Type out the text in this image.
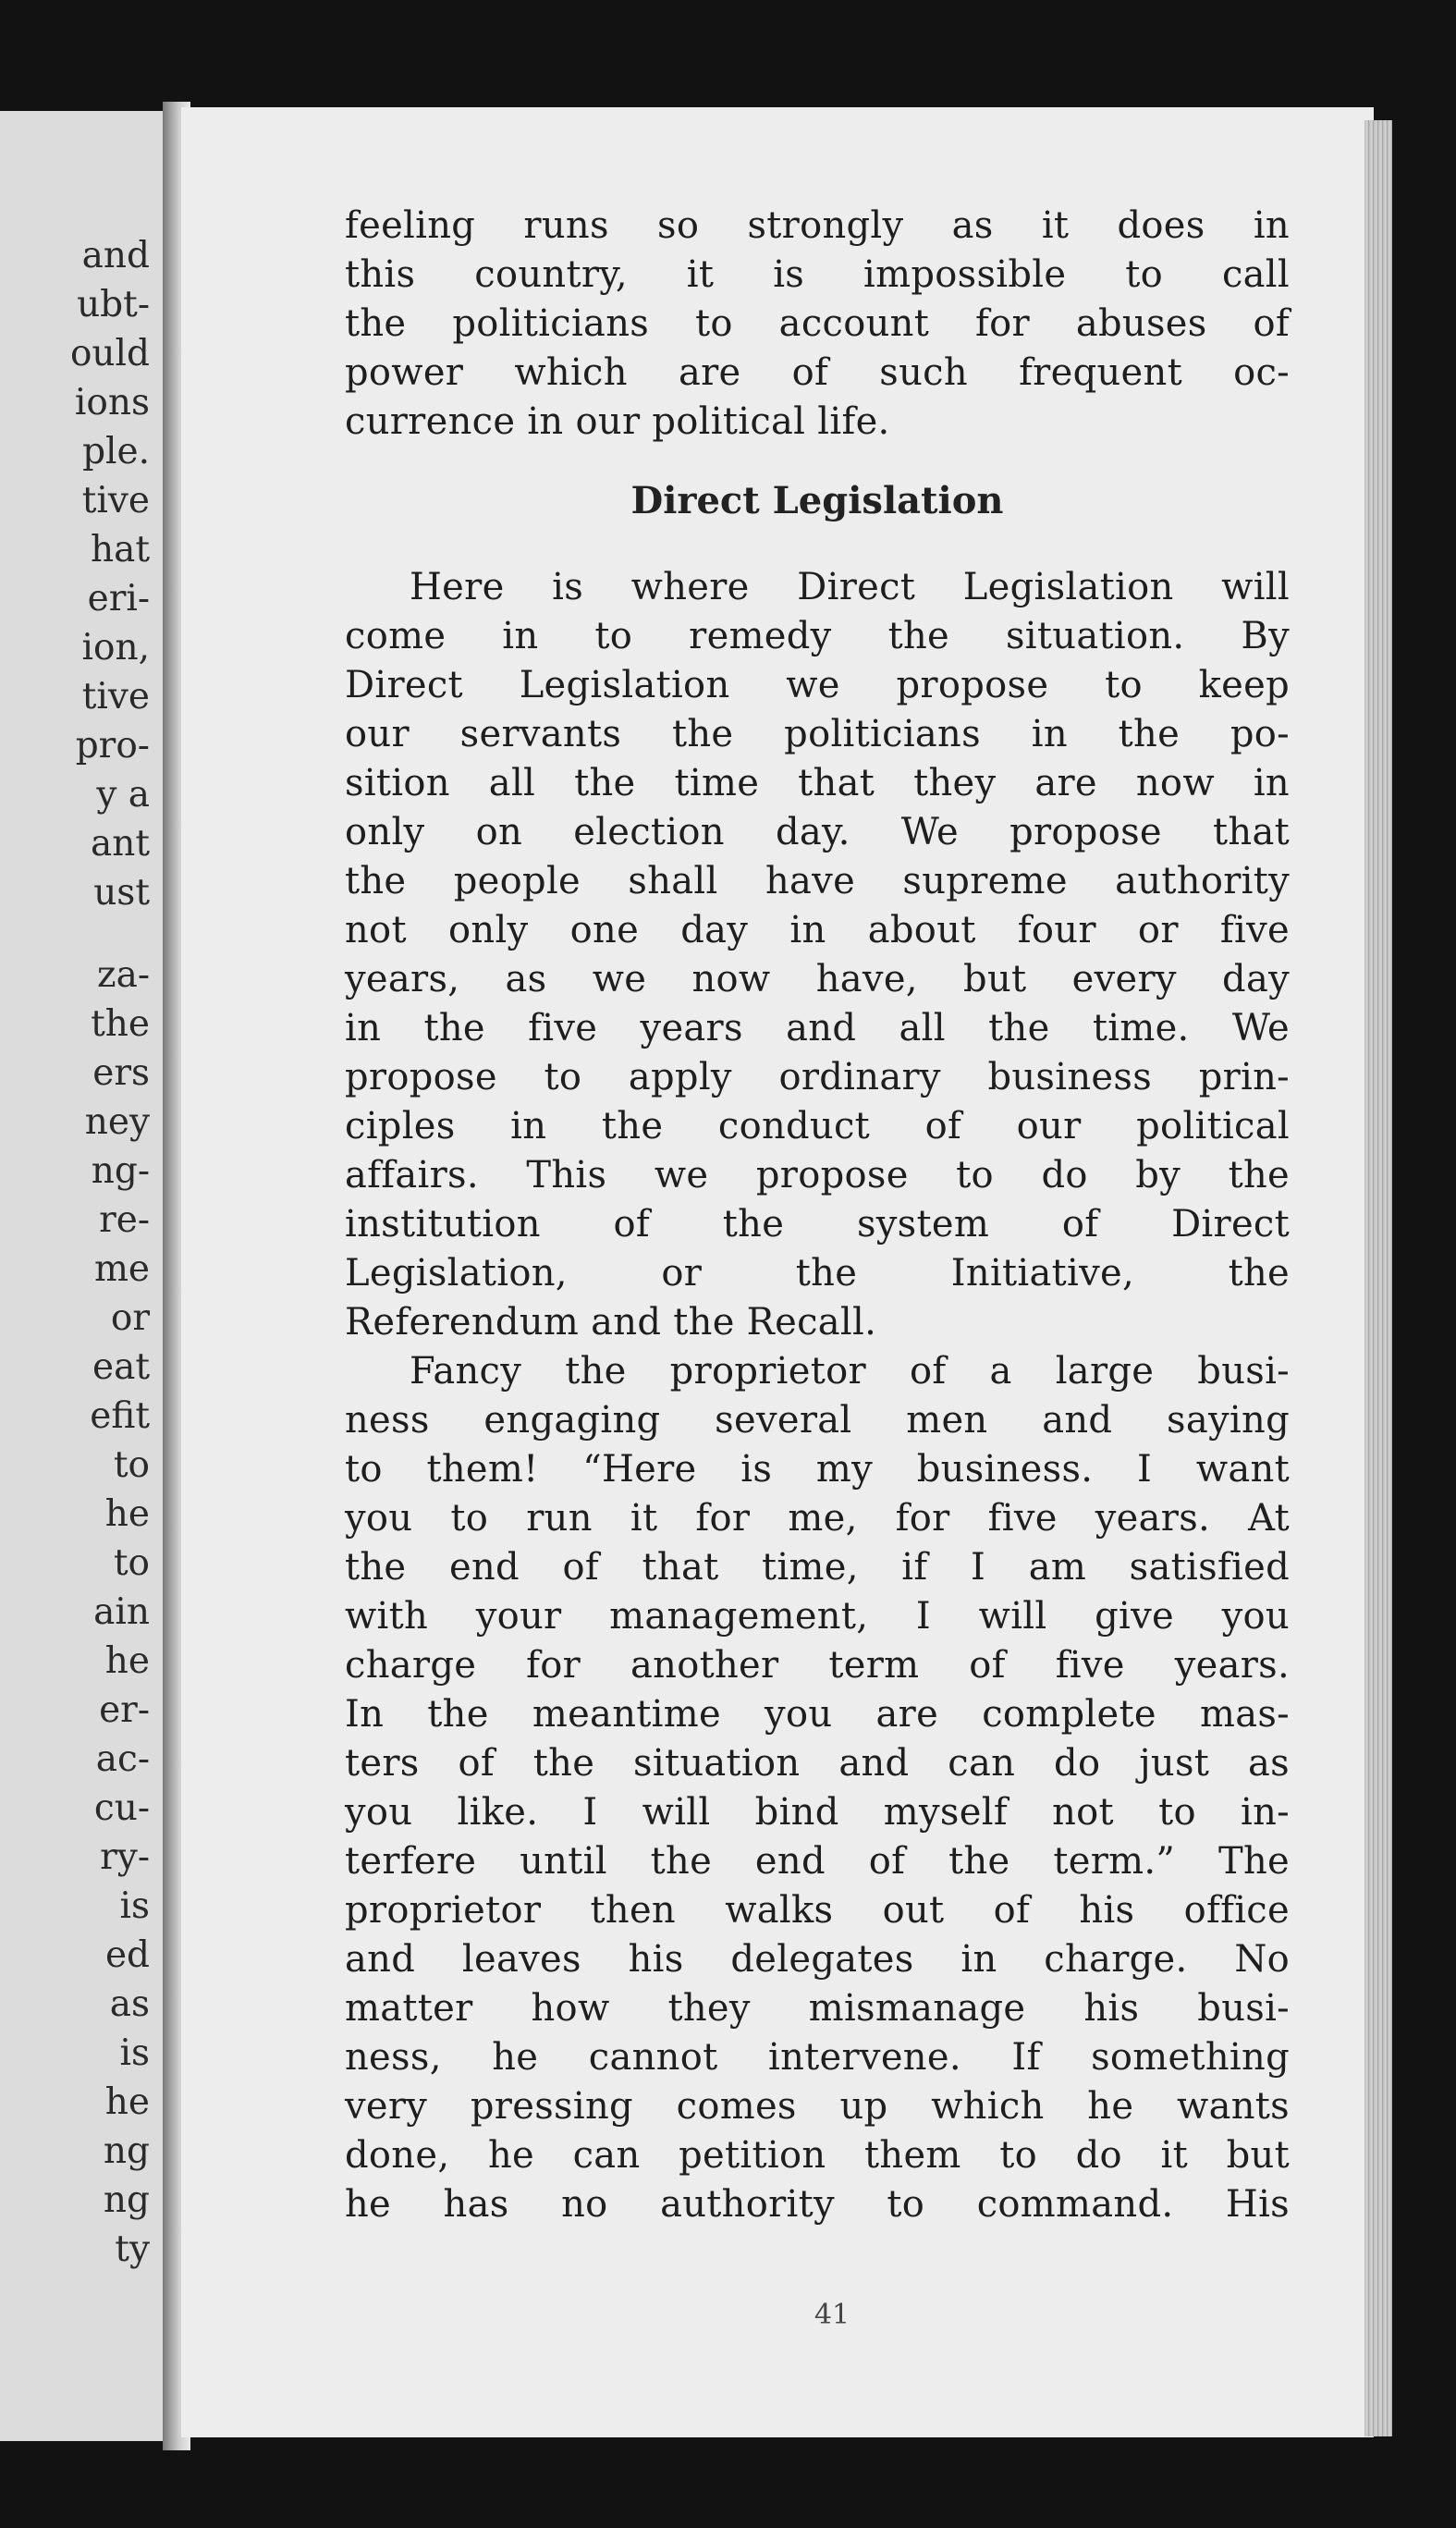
and
ubt-
ould
ions
ple.
tive
hat
eri-
ion,
tive
pro-
y a
ant
ust
za-
the
ers
ney
ng-
re-
me
or
eat
efit
to
he
to
ain
he
er-
ac-
cu-
ry-
is
ed
as
is
he
ng
ng
ty
feeling runs so strongly as it does in
this country, it is impossible to call
the politicians to account for abuses of
power which are of such frequent oc-
currence in our political life.
Direct Legislation
Here is where Direct Legislation will
come in to remedy the situation. By
Direct Legislation we propose to keep
our servants the politicians in the po-
sition all the time that they are now in
only on election day. We propose that
the people shall have supreme authority
not only one day in about four or five
years, as we now have, but every day
in the five years and all the time. We
propose to apply ordinary business prin-
ciples in the conduct of our political
affairs. This we propose to do by the
institution of the system of Direct
Legislation, or the Initiative, the
Referendum and the Recall.
Fancy the proprietor of a large busi-
ness engaging several men and saying
to them! “Here is my business. I want
you to run it for me, for five years. At
the end of that time, if I am satisfied
with your management, I will give you
charge for another term of five years.
In the meantime you are complete mas-
ters of the situation and can do just as
you like. I will bind myself not to in-
terfere until the end of the term.” The
proprietor then walks out of his office
and leaves his delegates in charge. No
matter how they mismanage his busi-
ness, he cannot intervene. If something
very pressing comes up which he wants
done, he can petition them to do it but
he has no authority to command. His
41
